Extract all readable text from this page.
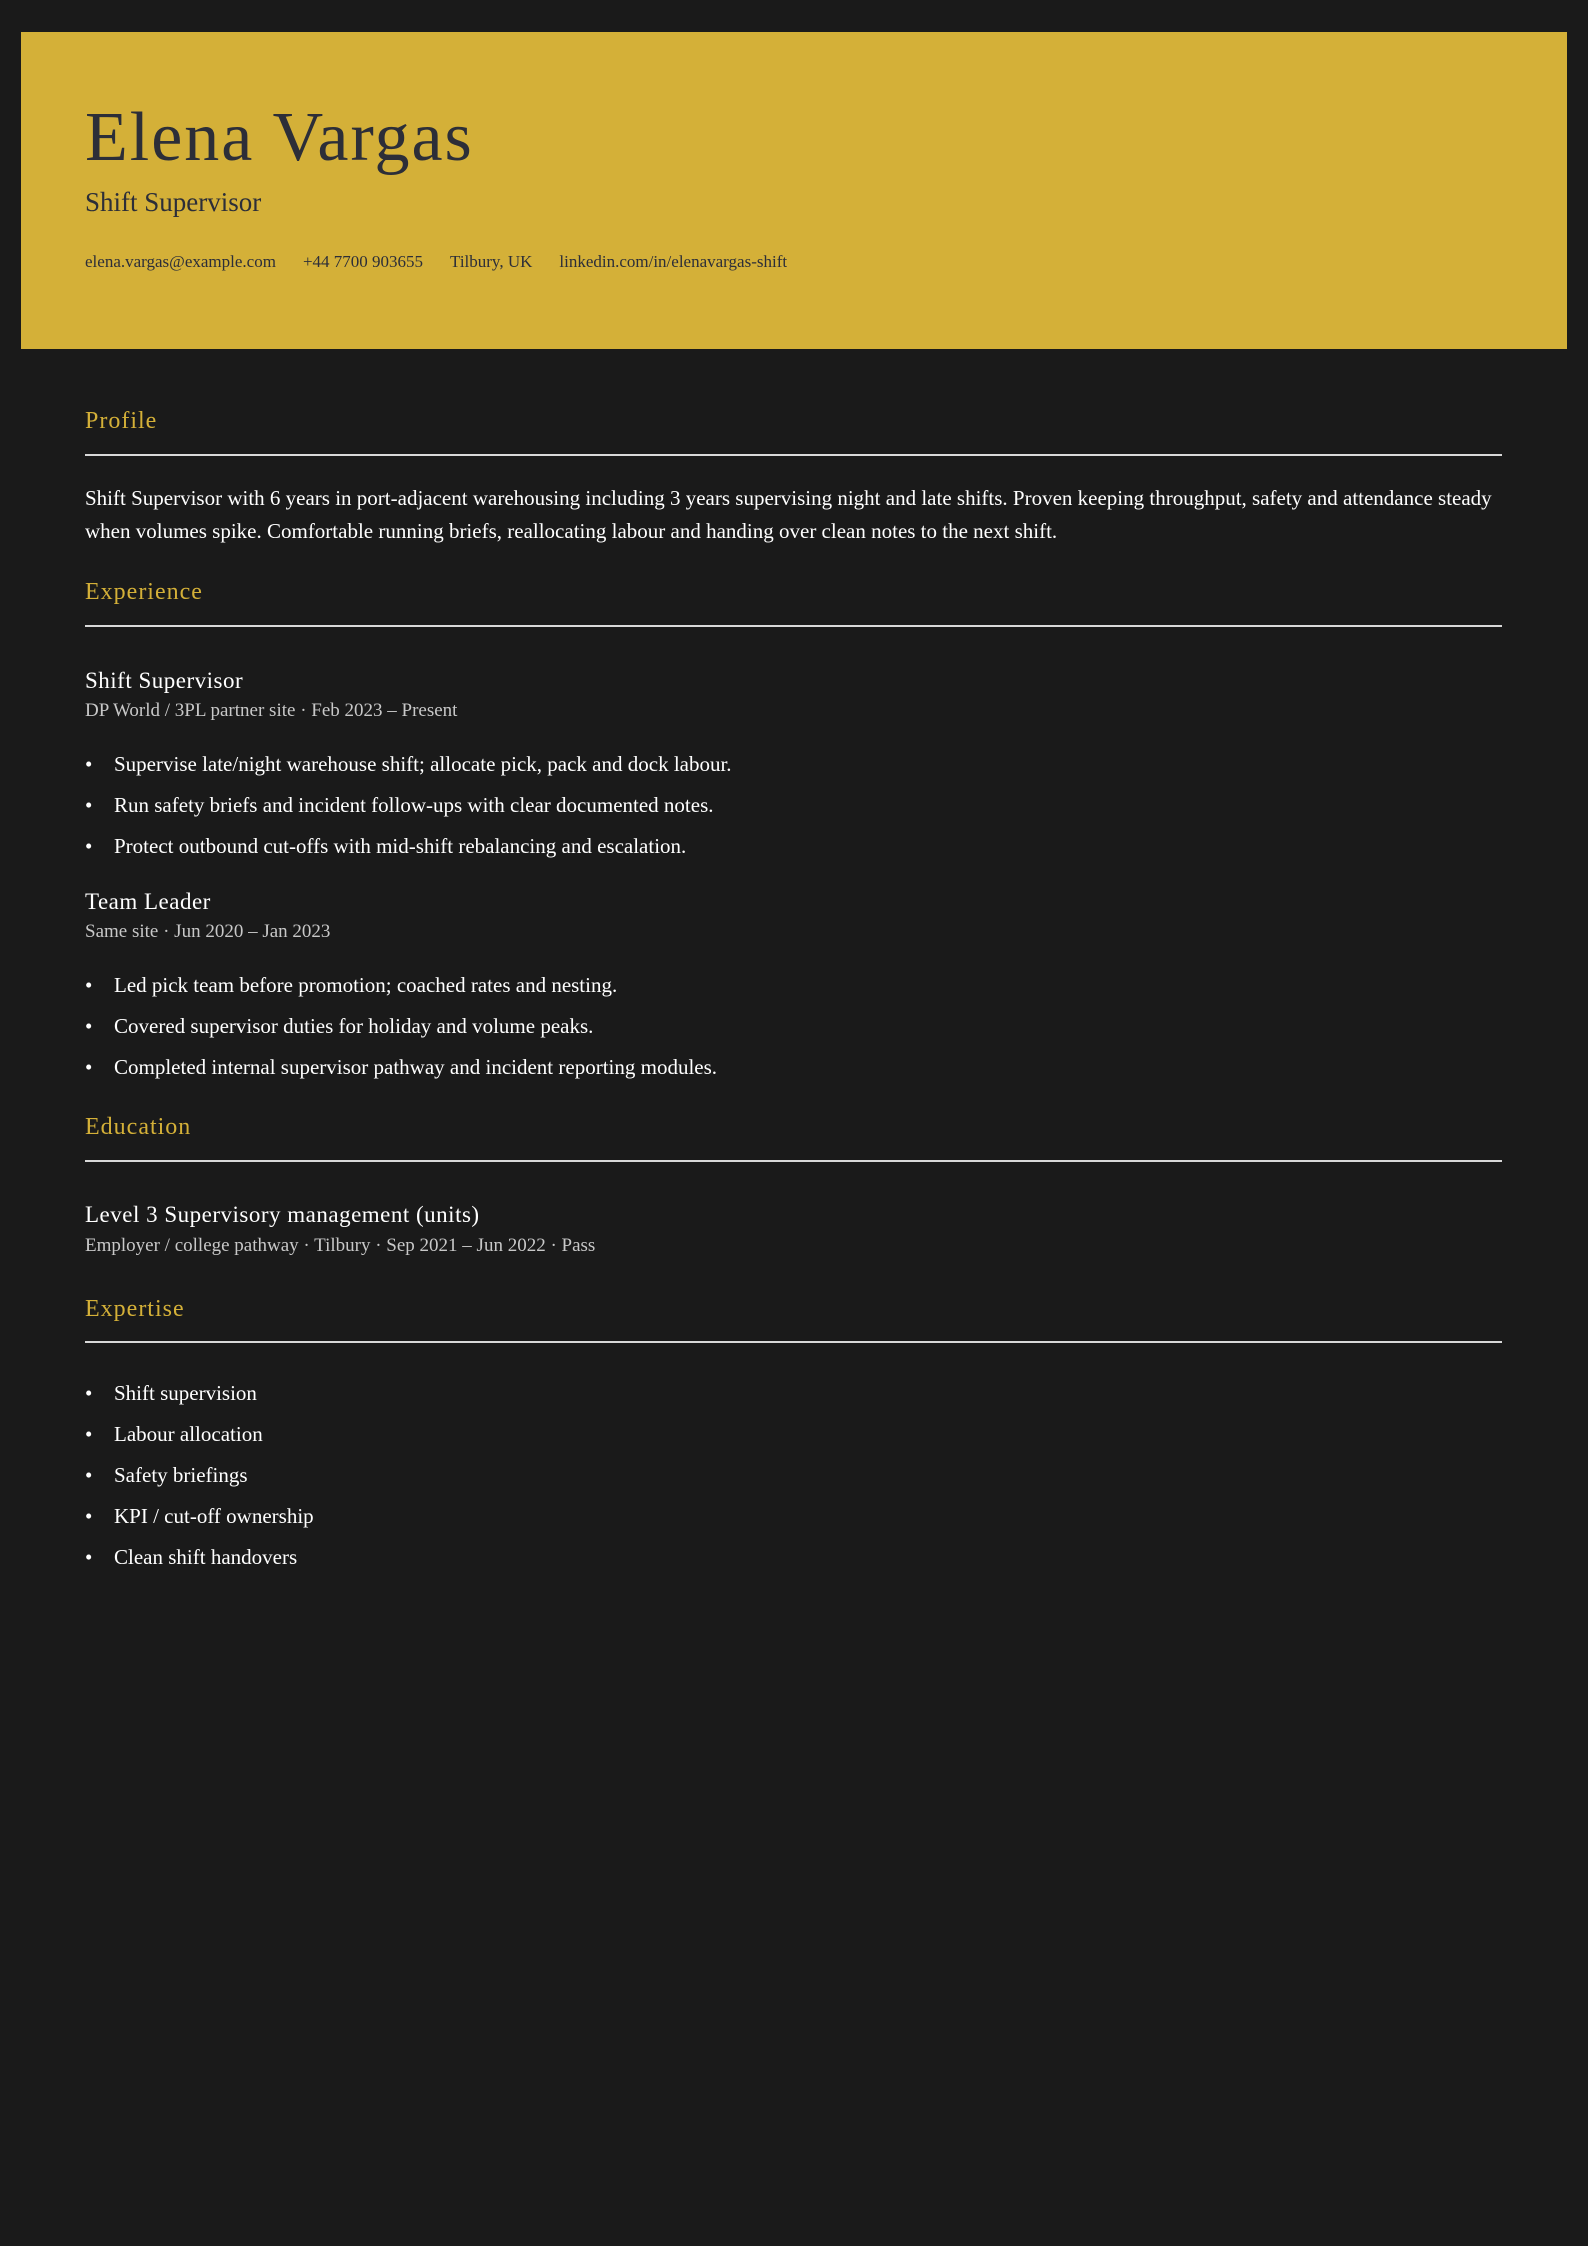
Elena Vargas
Shift Supervisor
elena.vargas@example.com +44 7700 903655 Tilbury, UK linkedin.com/in/elenavargas-shift
Profile

Shift Supervisor with 6 years in port-adjacent warehousing including 3 years supervising night and late shifts. Proven keeping throughput, safety and attendance steady when volumes spike. Comfortable running briefs, reallocating labour and handing over clean notes to the next shift.

Experience
Shift Supervisor

DP World / 3PL partner site · Feb 2023 – Present

• Supervise late/night warehouse shift; allocate pick, pack and dock labour.
• Run safety briefs and incident follow-ups with clear documented notes.
• Protect outbound cut-offs with mid-shift rebalancing and escalation.
Team Leader

Same site · Jun 2020 – Jan 2023

• Led pick team before promotion; coached rates and nesting.
• Covered supervisor duties for holiday and volume peaks.
• Completed internal supervisor pathway and incident reporting modules.
Education
Level 3 Supervisory management (units)

Employer / college pathway · Tilbury · Sep 2021 – Jun 2022 · Pass

Expertise
• Shift supervision
• Labour allocation
• Safety briefings
• KPI / cut-off ownership
• Clean shift handovers
